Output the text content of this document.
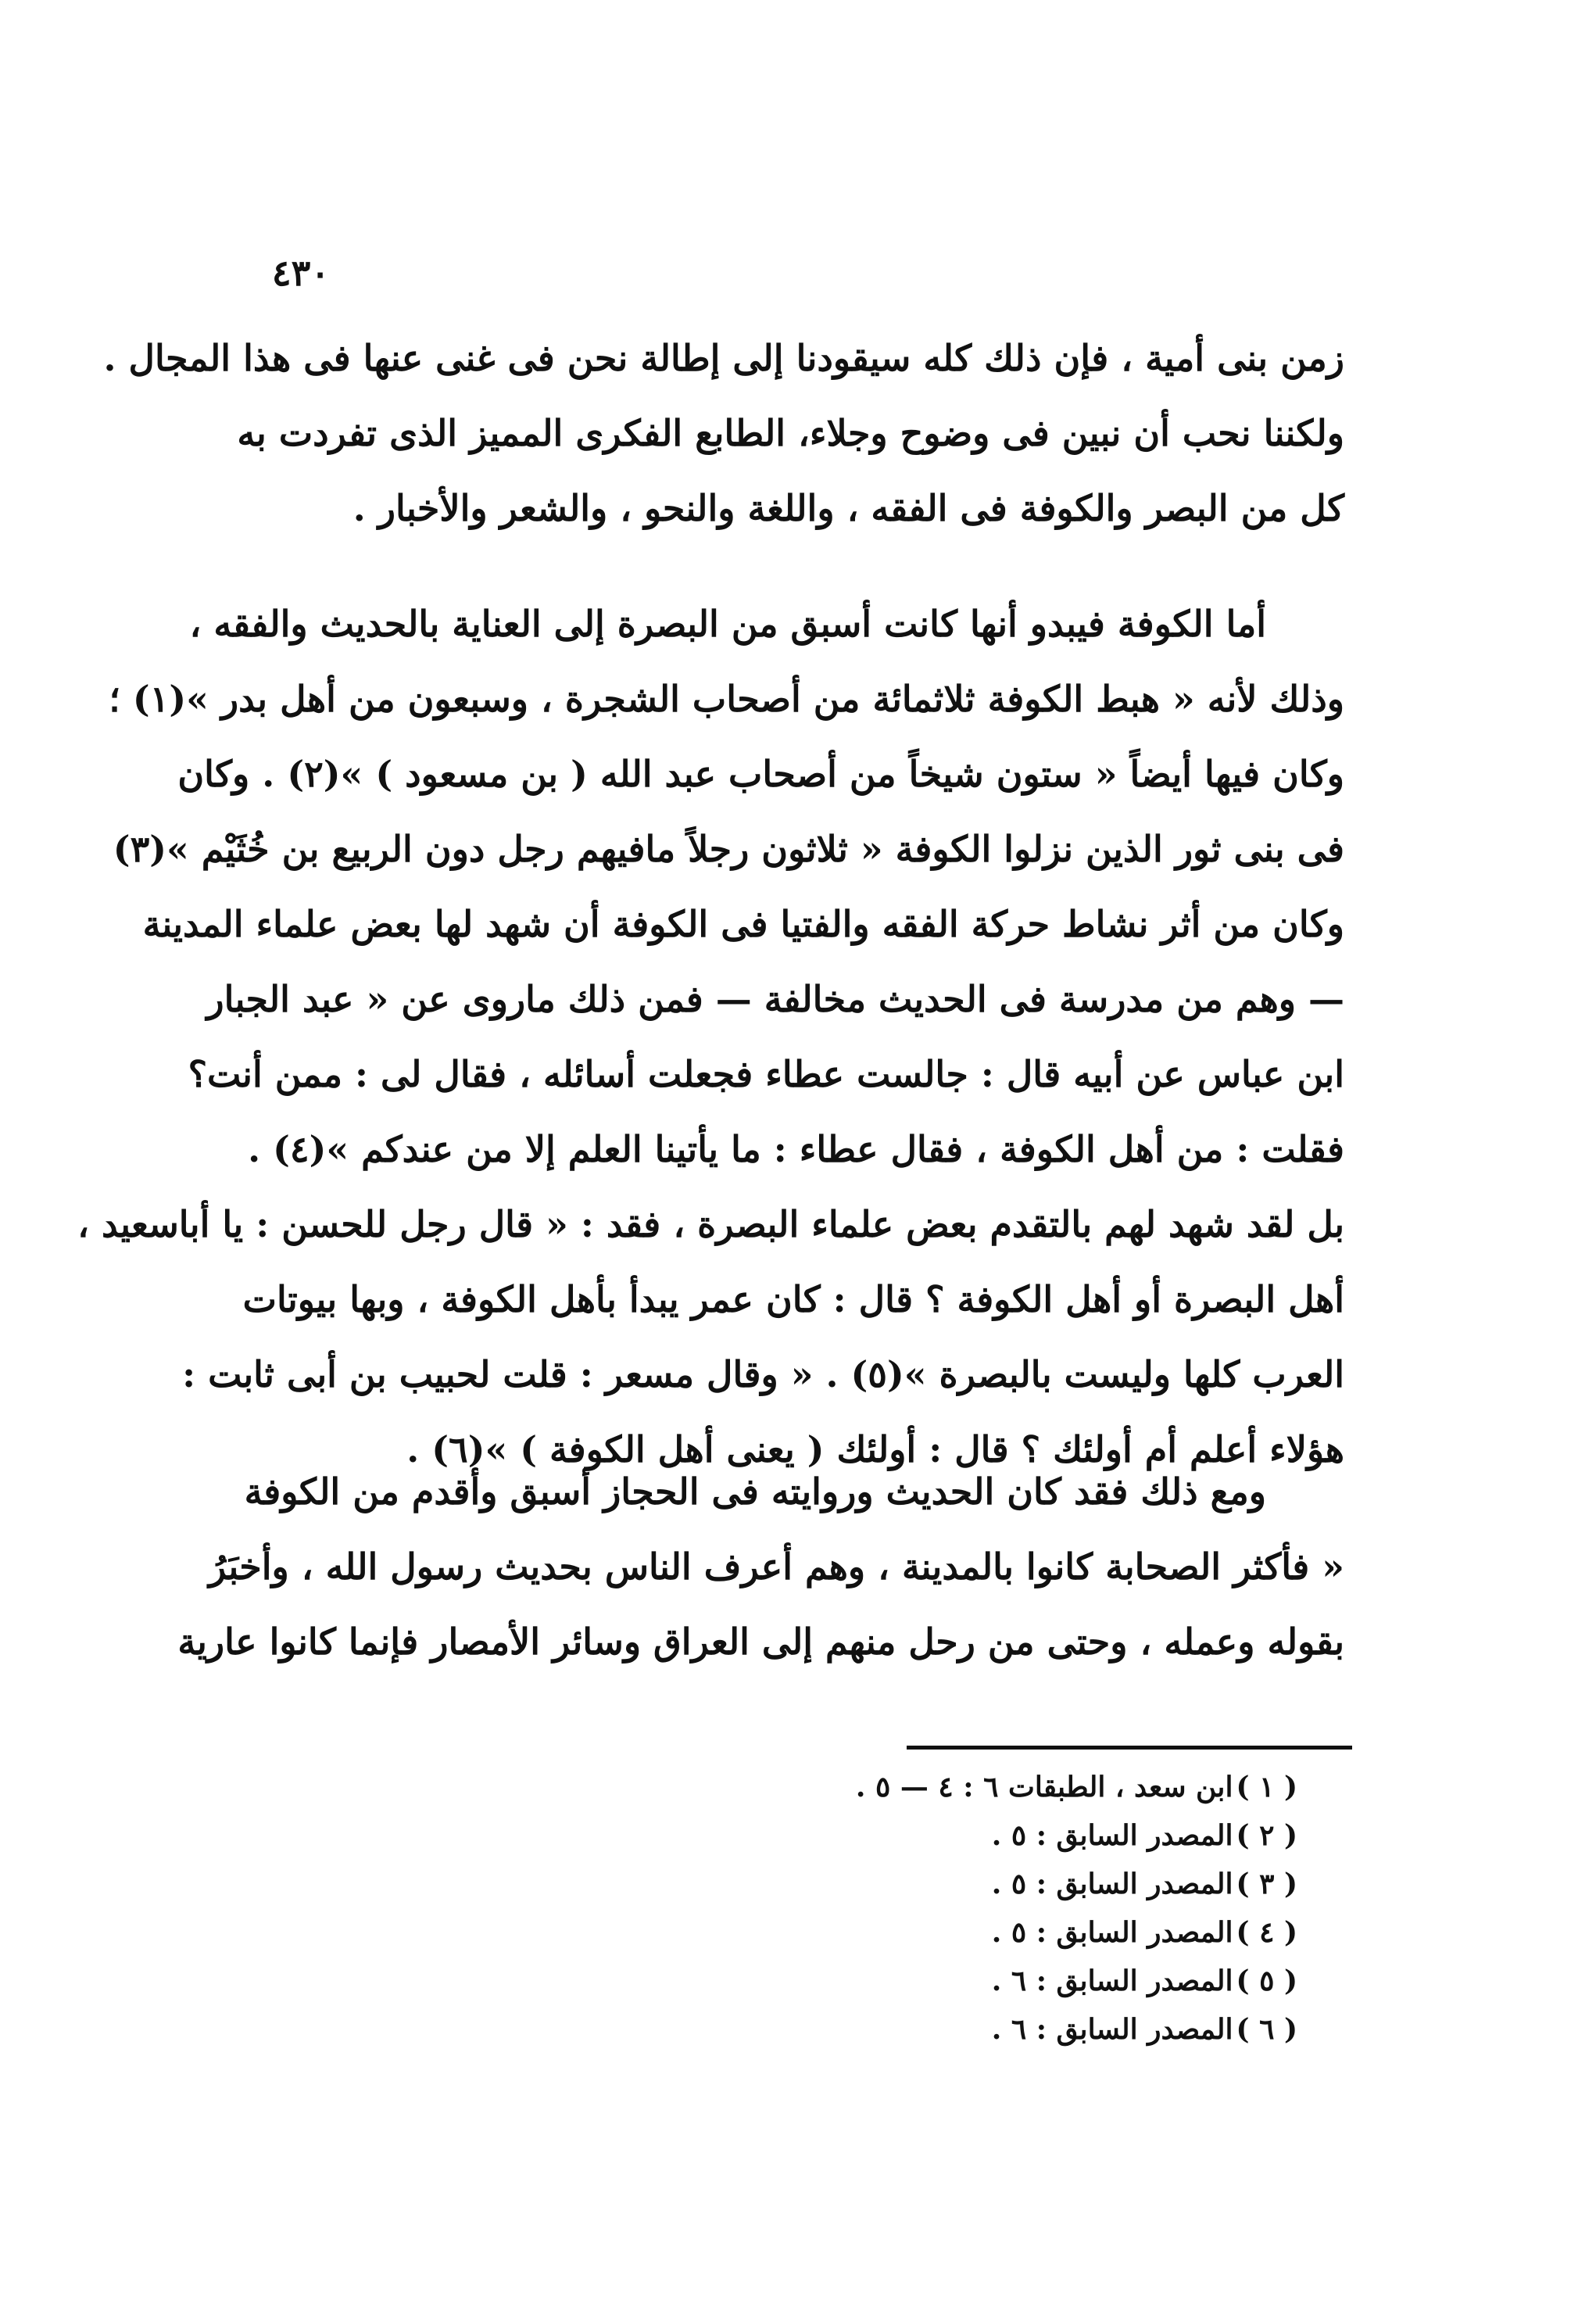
٤٣٠
زمن بنى أمية ، فإن ذلك كله سيقودنا إلى إطالة نحن فى غنى عنها فى هذا المجال .
ولكننا نحب أن نبين فى وضوح وجلاء، الطابع الفكرى المميز الذى تفردت به
كل من البصر والكوفة فى الفقه ، واللغة والنحو ، والشعر والأخبار .
أما الكوفة فيبدو أنها كانت أسبق من البصرة إلى العناية بالحديث والفقه ،
وذلك لأنه « هبط الكوفة ثلاثمائة من أصحاب الشجرة ، وسبعون من أهل بدر »(١) ؛
وكان فيها أيضاً « ستون شيخاً من أصحاب عبد الله ( بن مسعود ) »(٢) . وكان
فى بنى ثور الذين نزلوا الكوفة « ثلاثون رجلاً مافيهم رجل دون الربيع بن خُثَيْم »(٣)
وكان من أثر نشاط حركة الفقه والفتيا فى الكوفة أن شهد لها بعض علماء المدينة
— وهم من مدرسة فى الحديث مخالفة — فمن ذلك ماروى عن « عبد الجبار
ابن عباس عن أبيه قال : جالست عطاء فجعلت أسائله ، فقال لى : ممن أنت؟
فقلت : من أهل الكوفة ، فقال عطاء : ما يأتينا العلم إلا من عندكم »(٤) .
بل لقد شهد لهم بالتقدم بعض علماء البصرة ، فقد : « قال رجل للحسن : يا أباسعيد ،
أهل البصرة أو أهل الكوفة ؟ قال : كان عمر يبدأ بأهل الكوفة ، وبها بيوتات
العرب كلها وليست بالبصرة »(٥) . « وقال مسعر : قلت لحبيب بن أبى ثابت :
هؤلاء أعلم أم أولئك ؟ قال : أولئك ( يعنى أهل الكوفة ) »(٦) .
ومع ذلك فقد كان الحديث وروايته فى الحجاز أسبق وأقدم من الكوفة
« فأكثر الصحابة كانوا بالمدينة ، وهم أعرف الناس بحديث رسول الله ، وأخبَرُ
بقوله وعمله ، وحتى من رحل منهم إلى العراق وسائر الأمصار فإنما كانوا عارية
( ١ ) ابن سعد ، الطبقات ٦ : ٤ — ٥ .
( ٢ ) المصدر السابق : ٥ .
( ٣ ) المصدر السابق : ٥ .
( ٤ ) المصدر السابق : ٥ .
( ٥ ) المصدر السابق : ٦ .
( ٦ ) المصدر السابق : ٦ .
